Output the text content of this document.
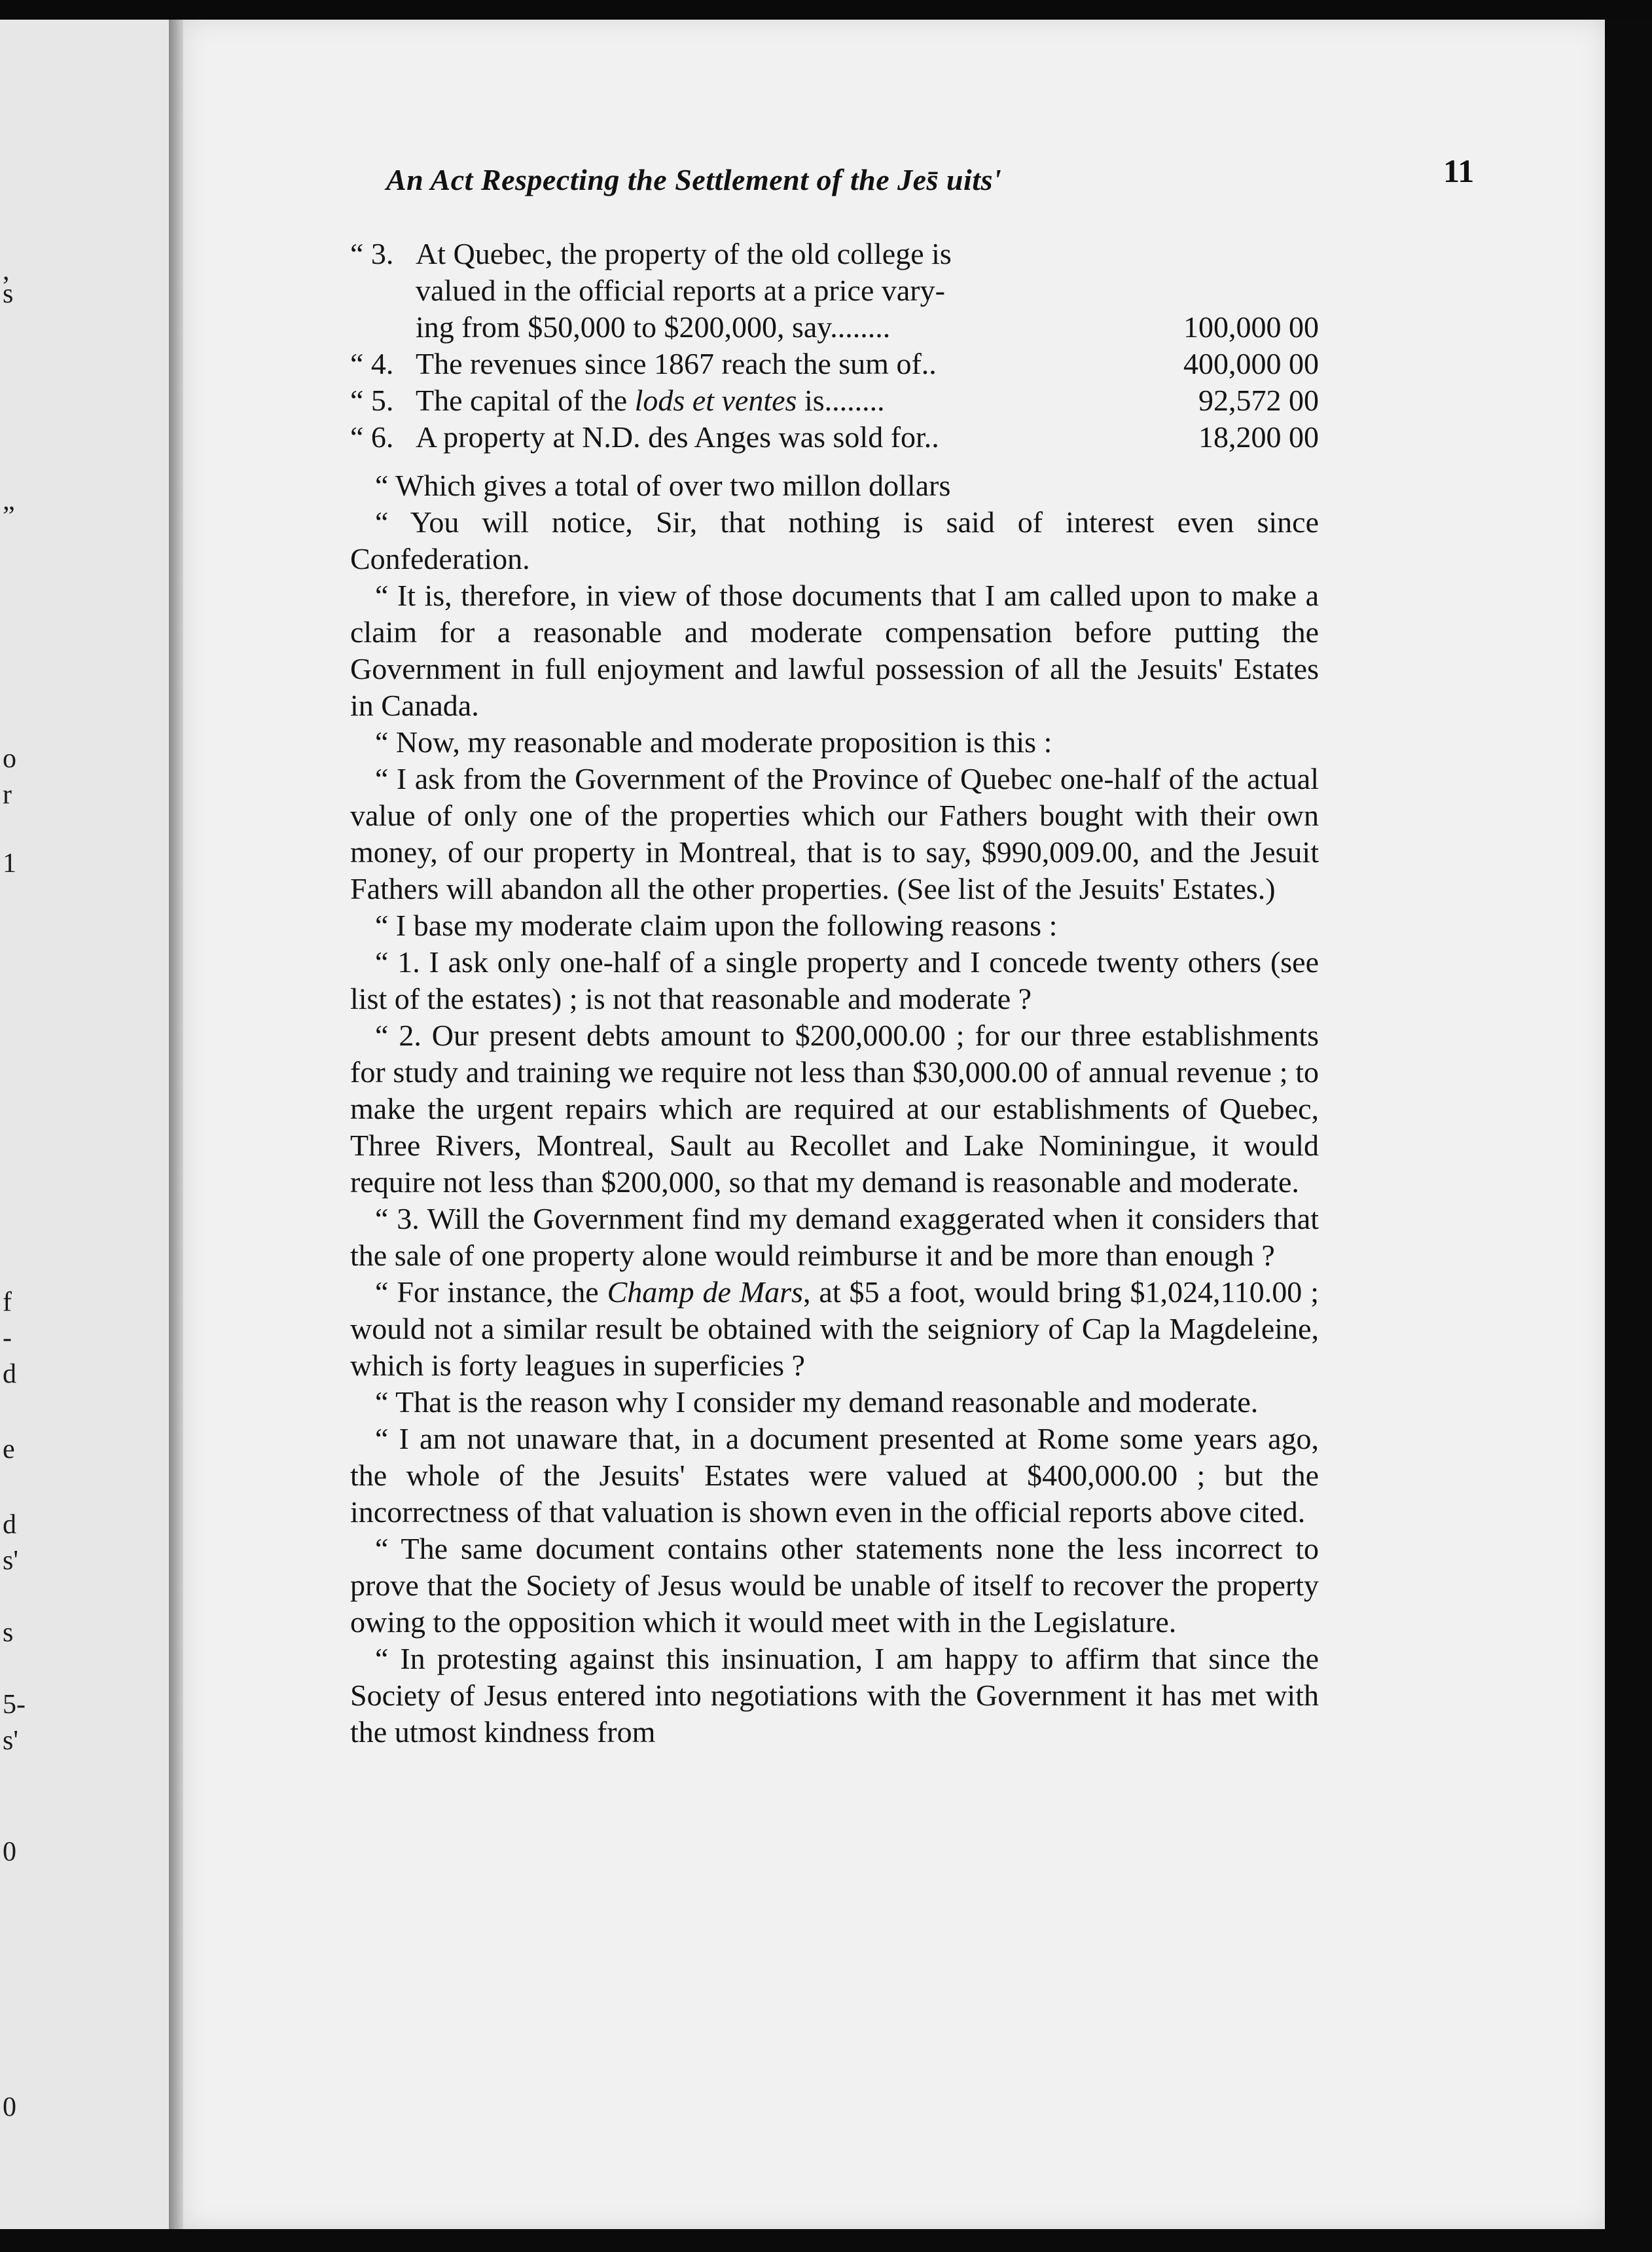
,
s
”
o
r
1
f
-
d
e
d
s'
s
5-
s'
0
0
An Act Respecting the Settlement of the Jes̄ uits'	11
“ 3. At Quebec, the property of the old college is
valued in the official reports at a price vary-
ing from $50,000 to $200,000, say........	100,000 00
“ 4. The revenues since 1867 reach the sum of..	400,000 00
“ 5. The capital of the lods et ventes is........	92,572 00
“ 6. A property at N.D. des Anges was sold for..	18,200 00

“ Which gives a total of over two millon dollars

“ You will notice, Sir, that nothing is said of interest even since Confederation.

“ It is, therefore, in view of those documents that I am called upon to make a claim for a reasonable and moderate compensation before putting the Government in full enjoyment and lawful possession of all the Jesuits' Estates in Canada.

“ Now, my reasonable and moderate proposition is this :

“ I ask from the Government of the Province of Quebec one-half of the actual value of only one of the properties which our Fathers bought with their own money, of our property in Montreal, that is to say, $990,009.00, and the Jesuit Fathers will abandon all the other properties. (See list of the Jesuits' Estates.)

“ I base my moderate claim upon the following reasons :

“ 1. I ask only one-half of a single property and I concede twenty others (see list of the estates) ; is not that reasonable and moderate ?

“ 2. Our present debts amount to $200,000.00 ; for our three establishments for study and training we require not less than $30,000.00 of annual revenue ; to make the urgent repairs which are required at our establishments of Quebec, Three Rivers, Montreal, Sault au Recollet and Lake Nominingue, it would require not less than $200,000, so that my demand is reasonable and moderate.

“ 3. Will the Government find my demand exaggerated when it considers that the sale of one property alone would reimburse it and be more than enough ?

“ For instance, the Champ de Mars, at $5 a foot, would bring $1,024,110.00 ; would not a similar result be obtained with the seigniory of Cap la Magdeleine, which is forty leagues in superficies ?

“ That is the reason why I consider my demand reasonable and moderate.

“ I am not unaware that, in a document presented at Rome some years ago, the whole of the Jesuits' Estates were valued at $400,000.00 ; but the incorrectness of that valuation is shown even in the official reports above cited.

“ The same document contains other statements none the less incorrect to prove that the Society of Jesus would be unable of itself to recover the property owing to the opposition which it would meet with in the Legislature.

“ In protesting against this insinuation, I am happy to affirm that since the Society of Jesus entered into negotiations with the Government it has met with the utmost kindness from
